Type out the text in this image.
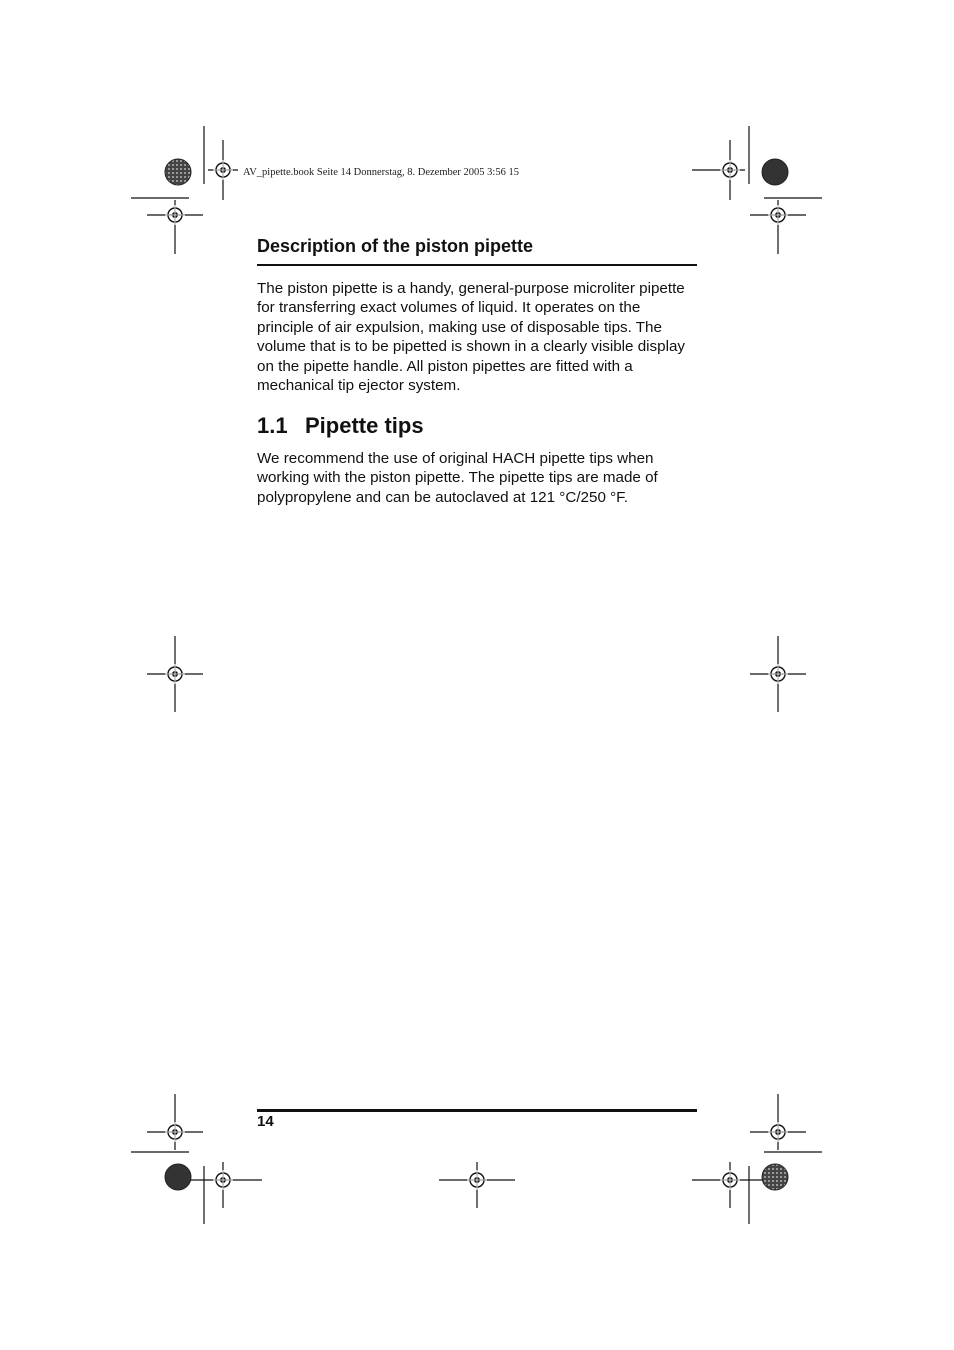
AV_pipette.book Seite 14 Donnerstag, 8. Dezember 2005 3:56 15
Description of the piston pipette

The piston pipette is a handy, general-purpose microliter pipette for transferring exact volumes of liquid. It operates on the principle of air expulsion, making use of disposable tips. The volume that is to be pipetted is shown in a clearly visible display on the pipette handle. All piston pipettes are fitted with a mechanical tip ejector system.

1.1 Pipette tips

We recommend the use of original HACH pipette tips when working with the piston pipette. The pipette tips are made of polypropylene and can be autoclaved at 121 °C/250 °F.

14
